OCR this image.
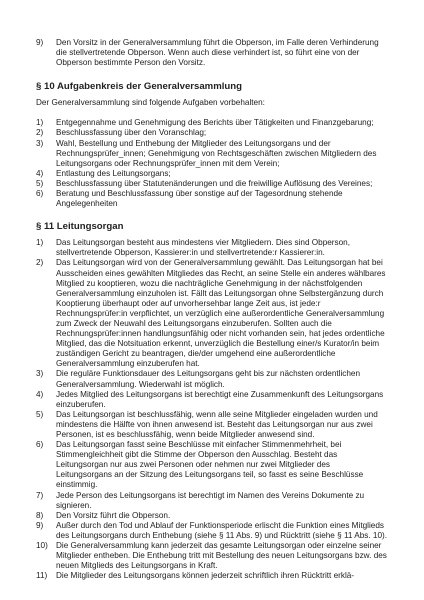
9) Den Vorsitz in der Generalversammlung führt die Obperson, im Falle deren Verhinderung die stellvertretende Obperson. Wenn auch diese verhindert ist, so führt eine von der Obperson bestimmte Person den Vorsitz.
§ 10 Aufgabenkreis der Generalversammlung

Der Generalversammlung sind folgende Aufgaben vorbehalten:

1) Entgegennahme und Genehmigung des Berichts über Tätigkeiten und Finanzgebarung;
2) Beschlussfassung über den Voranschlag;
3) Wahl, Bestellung und Enthebung der Mitglieder des Leitungsorgans und der Rechnungsprüfer_innen; Genehmigung von Rechtsgeschäften zwischen Mitgliedern des Leitungsorgans oder Rechnungsprüfer_innen mit dem Verein;
4) Entlastung des Leitungsorgans;
5) Beschlussfassung über Statutenänderungen und die freiwillige Auflösung des Vereines;
6) Beratung und Beschlussfassung über sonstige auf der Tagesordnung stehende Angelegenheiten
§ 11 Leitungsorgan
1) Das Leitungsorgan besteht aus mindestens vier Mitgliedern. Dies sind Obperson, stellvertretende Obperson, Kassierer:in und stellvertretende:r Kassierer:in.
2) Das Leitungsorgan wird von der Generalversammlung gewählt. Das Leitungsorgan hat bei Ausscheiden eines gewählten Mitgliedes das Recht, an seine Stelle ein anderes wählbares Mitglied zu kooptieren, wozu die nachträgliche Genehmigung in der nächstfolgenden Generalversammlung einzuholen ist. Fällt das Leitungsorgan ohne Selbstergänzung durch Kooptierung überhaupt oder auf unvorhersehbar lange Zeit aus, ist jede:r Rechnungsprüfer:in verpflichtet, un verzüglich eine außerordentliche Generalversammlung zum Zweck der Neuwahl des Leitungsorgans einzuberufen. Sollten auch die Rechnungsprüfer:innen handlungsunfähig oder nicht vorhanden sein, hat jedes ordentliche Mitglied, das die Notsituation erkennt, unverzüglich die Bestellung einer/s Kurator/in beim zuständigen Gericht zu beantragen, die/der umgehend eine außerordentliche Generalversammlung einzuberufen hat.
3) Die reguläre Funktionsdauer des Leitungsorgans geht bis zur nächsten ordentlichen Generalversammlung. Wiederwahl ist möglich.
4) Jedes Mitglied des Leitungsorgans ist berechtigt eine Zusammenkunft des Leitungsorgans einzuberufen.
5) Das Leitungsorgan ist beschlussfähig, wenn alle seine Mitglieder eingeladen wurden und mindestens die Hälfte von ihnen anwesend ist. Besteht das Leitungsorgan nur aus zwei Personen, ist es beschlussfähig, wenn beide Mitglieder anwesend sind.
6) Das Leitungsorgan fasst seine Beschlüsse mit einfacher Stimmenmehrheit, bei Stimmengleichheit gibt die Stimme der Obperson den Ausschlag. Besteht das Leitungsorgan nur aus zwei Personen oder nehmen nur zwei Mitglieder des Leitungsorgans an der Sitzung des Leitungsorgans teil, so fasst es seine Beschlüsse einstimmig.
7) Jede Person des Leitungsorgans ist berechtigt im Namen des Vereins Dokumente zu signieren.
8) Den Vorsitz führt die Obperson.
9) Außer durch den Tod und Ablauf der Funktionsperiode erlischt die Funktion eines Mitglieds des Leitungsorgans durch Enthebung (siehe § 11 Abs. 9) und Rücktritt (siehe § 11 Abs. 10).
10) Die Generalversammlung kann jederzeit das gesamte Leitungsorgan oder einzelne seiner Mitglieder entheben. Die Enthebung tritt mit Bestellung des neuen Leitungsorgans bzw. des neuen Mitglieds des Leitungsorgans in Kraft.
11) Die Mitglieder des Leitungsorgans können jederzeit schriftlich ihren Rücktritt erklä-
